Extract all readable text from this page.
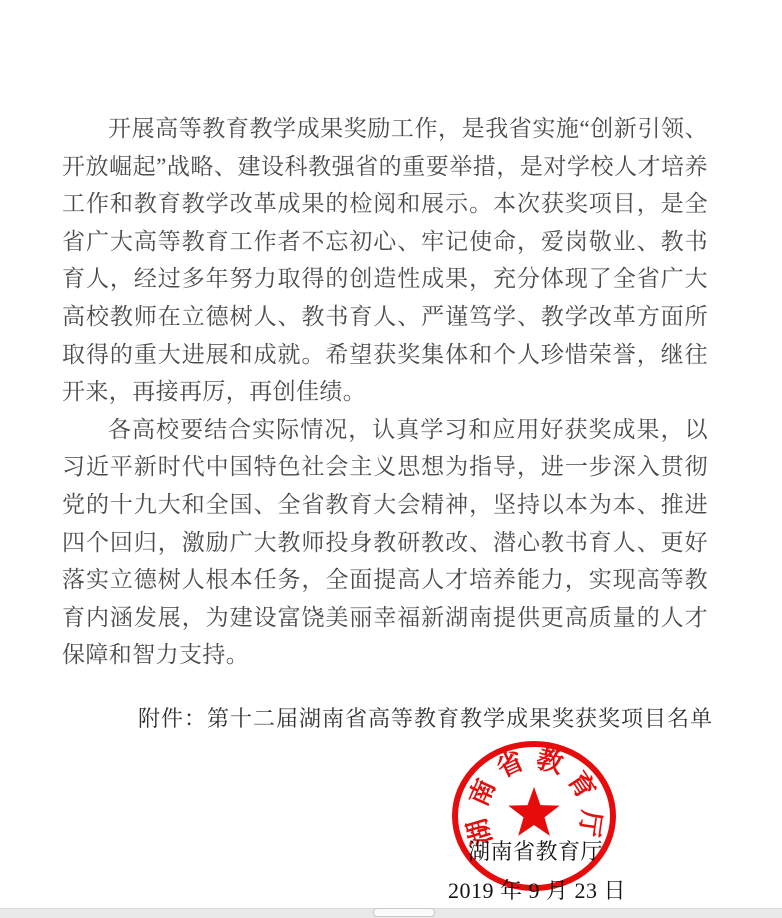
开展高等教育教学成果奖励工作，是我省实施“创新引领、开放崛起”战略、建设科教强省的重要举措，是对学校人才培养工作和教育教学改革成果的检阅和展示。本次获奖项目，是全省广大高等教育工作者不忘初心、牢记使命，爱岗敬业、教书育人，经过多年努力取得的创造性成果，充分体现了全省广大高校教师在立德树人、教书育人、严谨笃学、教学改革方面所取得的重大进展和成就。希望获奖集体和个人珍惜荣誉，继往开来，再接再厉，再创佳绩。

各高校要结合实际情况，认真学习和应用好获奖成果，以习近平新时代中国特色社会主义思想为指导，进一步深入贯彻党的十九大和全国、全省教育大会精神，坚持以本为本、推进四个回归，激励广大教师投身教研教改、潜心教书育人、更好落实立德树人根本任务，全面提高人才培养能力，实现高等教育内涵发展，为建设富饶美丽幸福新湖南提供更高质量的人才保障和智力支持。

附件：第十二届湖南省高等教育教学成果奖获奖项目名单
湖南省教育厅
2019 年 9 月 23 日
湖南省教育厅
